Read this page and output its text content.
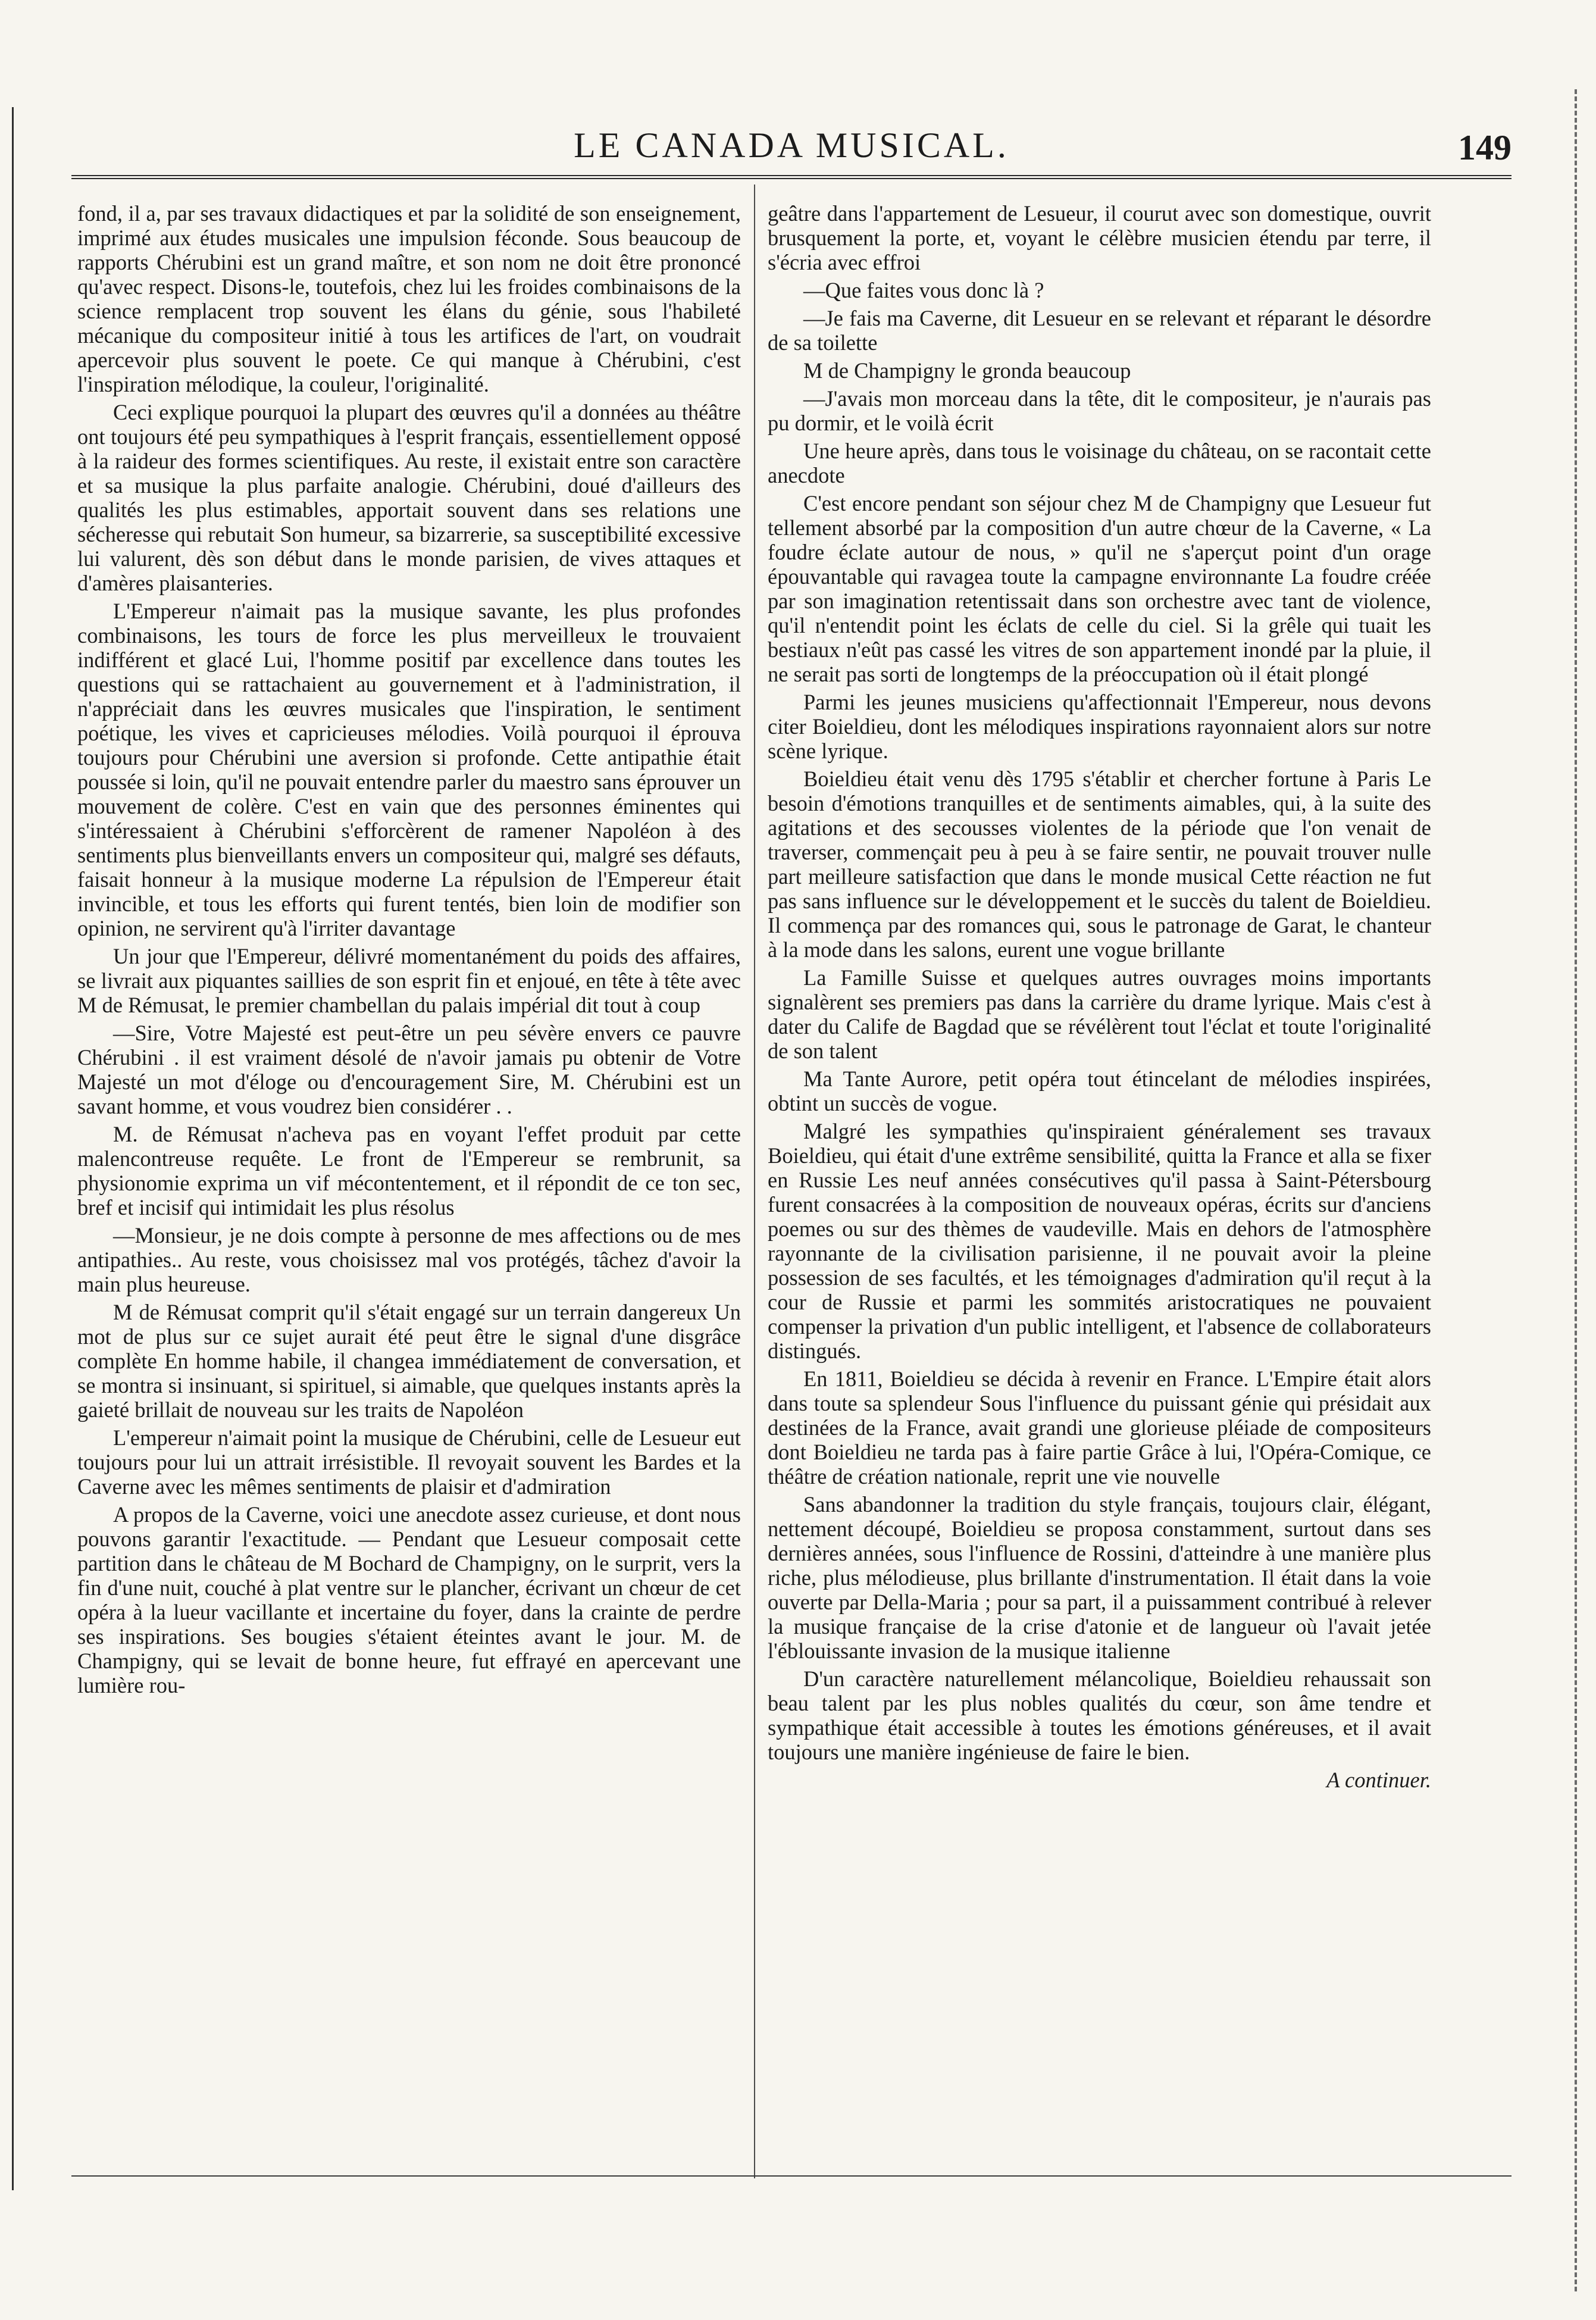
LE CANADA MUSICAL.	149

fond, il a, par ses travaux didactiques et par la solidité de son enseignement, imprimé aux études musicales une impulsion féconde. Sous beaucoup de rapports Chérubini est un grand maître, et son nom ne doit être prononcé qu'avec respect. Disons-le, toutefois, chez lui les froides combinaisons de la science remplacent trop souvent les élans du génie, sous l'habileté mécanique du compositeur initié à tous les artifices de l'art, on voudrait apercevoir plus souvent le poete. Ce qui manque à Chérubini, c'est l'inspiration mélodique, la couleur, l'originalité.

Ceci explique pourquoi la plupart des œuvres qu'il a données au théâtre ont toujours été peu sympathiques à l'esprit français, essentiellement opposé à la raideur des formes scientifiques. Au reste, il existait entre son caractère et sa musique la plus parfaite analogie. Chérubini, doué d'ailleurs des qualités les plus estimables, apportait souvent dans ses relations une sécheresse qui rebutait Son humeur, sa bizarrerie, sa susceptibilité excessive lui valurent, dès son début dans le monde parisien, de vives attaques et d'amères plaisanteries.

L'Empereur n'aimait pas la musique savante, les plus profondes combinaisons, les tours de force les plus merveilleux le trouvaient indifférent et glacé Lui, l'homme positif par excellence dans toutes les questions qui se rattachaient au gouvernement et à l'administration, il n'appréciait dans les œuvres musicales que l'inspiration, le sentiment poétique, les vives et capricieuses mélodies. Voilà pourquoi il éprouva toujours pour Chérubini une aversion si profonde. Cette antipathie était poussée si loin, qu'il ne pouvait entendre parler du maestro sans éprouver un mouvement de colère. C'est en vain que des personnes éminentes qui s'intéressaient à Chérubini s'efforcèrent de ramener Napoléon à des sentiments plus bienveillants envers un compositeur qui, malgré ses défauts, faisait honneur à la musique moderne La répulsion de l'Empereur était invincible, et tous les efforts qui furent tentés, bien loin de modifier son opinion, ne servirent qu'à l'irriter davantage

Un jour que l'Empereur, délivré momentanément du poids des affaires, se livrait aux piquantes saillies de son esprit fin et enjoué, en tête à tête avec M de Rémusat, le premier chambellan du palais impérial dit tout à coup

—Sire, Votre Majesté est peut-être un peu sévère envers ce pauvre Chérubini . il est vraiment désolé de n'avoir jamais pu obtenir de Votre Majesté un mot d'éloge ou d'encouragement Sire, M. Chérubini est un savant homme, et vous voudrez bien considérer . .

M. de Rémusat n'acheva pas en voyant l'effet produit par cette malencontreuse requête. Le front de l'Empereur se rembrunit, sa physionomie exprima un vif mécontentement, et il répondit de ce ton sec, bref et incisif qui intimidait les plus résolus

—Monsieur, je ne dois compte à personne de mes affections ou de mes antipathies.. Au reste, vous choisissez mal vos protégés, tâchez d'avoir la main plus heureuse.

M de Rémusat comprit qu'il s'était engagé sur un terrain dangereux Un mot de plus sur ce sujet aurait été peut être le signal d'une disgrâce complète En homme habile, il changea immédiatement de conversation, et se montra si insinuant, si spirituel, si aimable, que quelques instants après la gaieté brillait de nouveau sur les traits de Napoléon

L'empereur n'aimait point la musique de Chérubini, celle de Lesueur eut toujours pour lui un attrait irrésistible. Il revoyait souvent les Bardes et la Caverne avec les mêmes sentiments de plaisir et d'admiration

A propos de la Caverne, voici une anecdote assez curieuse, et dont nous pouvons garantir l'exactitude. — Pendant que Lesueur composait cette partition dans le château de M Bochard de Champigny, on le surprit, vers la fin d'une nuit, couché à plat ventre sur le plancher, écrivant un chœur de cet opéra à la lueur vacillante et incertaine du foyer, dans la crainte de perdre ses inspirations. Ses bougies s'étaient éteintes avant le jour. M. de Champigny, qui se levait de bonne heure, fut effrayé en apercevant une lumière rou-

geâtre dans l'appartement de Lesueur, il courut avec son domestique, ouvrit brusquement la porte, et, voyant le célèbre musicien étendu par terre, il s'écria avec effroi

—Que faites vous donc là ?

—Je fais ma Caverne, dit Lesueur en se relevant et réparant le désordre de sa toilette

M de Champigny le gronda beaucoup

—J'avais mon morceau dans la tête, dit le compositeur, je n'aurais pas pu dormir, et le voilà écrit

Une heure après, dans tous le voisinage du château, on se racontait cette anecdote

C'est encore pendant son séjour chez M de Champigny que Lesueur fut tellement absorbé par la composition d'un autre chœur de la Caverne, « La foudre éclate autour de nous, » qu'il ne s'aperçut point d'un orage épouvantable qui ravagea toute la campagne environnante La foudre créée par son imagination retentissait dans son orchestre avec tant de violence, qu'il n'entendit point les éclats de celle du ciel. Si la grêle qui tuait les bestiaux n'eût pas cassé les vitres de son appartement inondé par la pluie, il ne serait pas sorti de longtemps de la préoccupation où il était plongé

Parmi les jeunes musiciens qu'affectionnait l'Empereur, nous devons citer Boieldieu, dont les mélodiques inspirations rayonnaient alors sur notre scène lyrique.

Boieldieu était venu dès 1795 s'établir et chercher fortune à Paris Le besoin d'émotions tranquilles et de sentiments aimables, qui, à la suite des agitations et des secousses violentes de la période que l'on venait de traverser, commençait peu à peu à se faire sentir, ne pouvait trouver nulle part meilleure satisfaction que dans le monde musical Cette réaction ne fut pas sans influence sur le développement et le succès du talent de Boieldieu. Il commença par des romances qui, sous le patronage de Garat, le chanteur à la mode dans les salons, eurent une vogue brillante

La Famille Suisse et quelques autres ouvrages moins importants signalèrent ses premiers pas dans la carrière du drame lyrique. Mais c'est à dater du Calife de Bagdad que se révélèrent tout l'éclat et toute l'originalité de son talent

Ma Tante Aurore, petit opéra tout étincelant de mélodies inspirées, obtint un succès de vogue.

Malgré les sympathies qu'inspiraient généralement ses travaux Boieldieu, qui était d'une extrême sensibilité, quitta la France et alla se fixer en Russie Les neuf années consécutives qu'il passa à Saint-Pétersbourg furent consacrées à la composition de nouveaux opéras, écrits sur d'anciens poemes ou sur des thèmes de vaudeville. Mais en dehors de l'atmosphère rayonnante de la civilisation parisienne, il ne pouvait avoir la pleine possession de ses facultés, et les témoignages d'admiration qu'il reçut à la cour de Russie et parmi les sommités aristocratiques ne pouvaient compenser la privation d'un public intelligent, et l'absence de collaborateurs distingués.

En 1811, Boieldieu se décida à revenir en France. L'Empire était alors dans toute sa splendeur Sous l'influence du puissant génie qui présidait aux destinées de la France, avait grandi une glorieuse pléiade de compositeurs dont Boieldieu ne tarda pas à faire partie Grâce à lui, l'Opéra-Comique, ce théâtre de création nationale, reprit une vie nouvelle

Sans abandonner la tradition du style français, toujours clair, élégant, nettement découpé, Boieldieu se proposa constamment, surtout dans ses dernières années, sous l'influence de Rossini, d'atteindre à une manière plus riche, plus mélodieuse, plus brillante d'instrumentation. Il était dans la voie ouverte par Della-Maria ; pour sa part, il a puissamment contribué à relever la musique française de la crise d'atonie et de langueur où l'avait jetée l'éblouissante invasion de la musique italienne

D'un caractère naturellement mélancolique, Boieldieu rehaussait son beau talent par les plus nobles qualités du cœur, son âme tendre et sympathique était accessible à toutes les émotions généreuses, et il avait toujours une manière ingénieuse de faire le bien.

A continuer.
